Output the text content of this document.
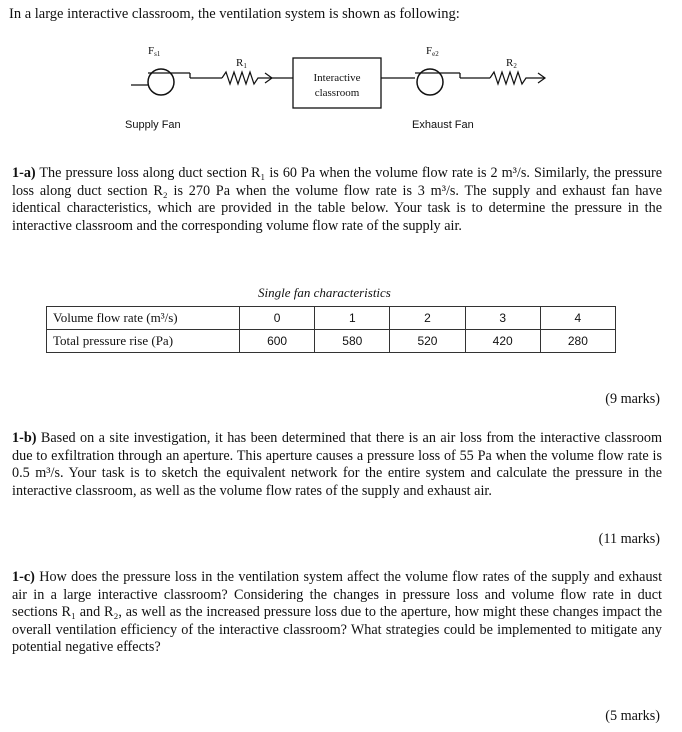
In a large interactive classroom, the ventilation system is shown as following:
Fs1
R1
Interactive
classroom
Fe2
R2
Supply Fan	Exhaust Fan

1-a) The pressure loss along duct section R₁ is 60 Pa when the volume flow rate is 2 m³/s. Similarly, the pressure loss along duct section R₂ is 270 Pa when the volume flow rate is 3 m³/s. The supply and exhaust fan have identical characteristics, which are provided in the table below. Your task is to determine the pressure in the interactive classroom and the corresponding volume flow rate of the supply air.

Single fan characteristics
Volume flow rate (m³/s)	0	1	2	3	4
Total pressure rise (Pa)	600	580	520	420	280
(9 marks)

1-b) Based on a site investigation, it has been determined that there is an air loss from the interactive classroom due to exfiltration through an aperture. This aperture causes a pressure loss of 55 Pa when the volume flow rate is 0.5 m³/s. Your task is to sketch the equivalent network for the entire system and calculate the pressure in the interactive classroom, as well as the volume flow rates of the supply and exhaust air.

(11 marks)

1-c) How does the pressure loss in the ventilation system affect the volume flow rates of the supply and exhaust air in a large interactive classroom? Considering the changes in pressure loss and volume flow rate in duct sections R₁ and R₂, as well as the increased pressure loss due to the aperture, how might these changes impact the overall ventilation efficiency of the interactive classroom? What strategies could be implemented to mitigate any potential negative effects?

(5 marks)
